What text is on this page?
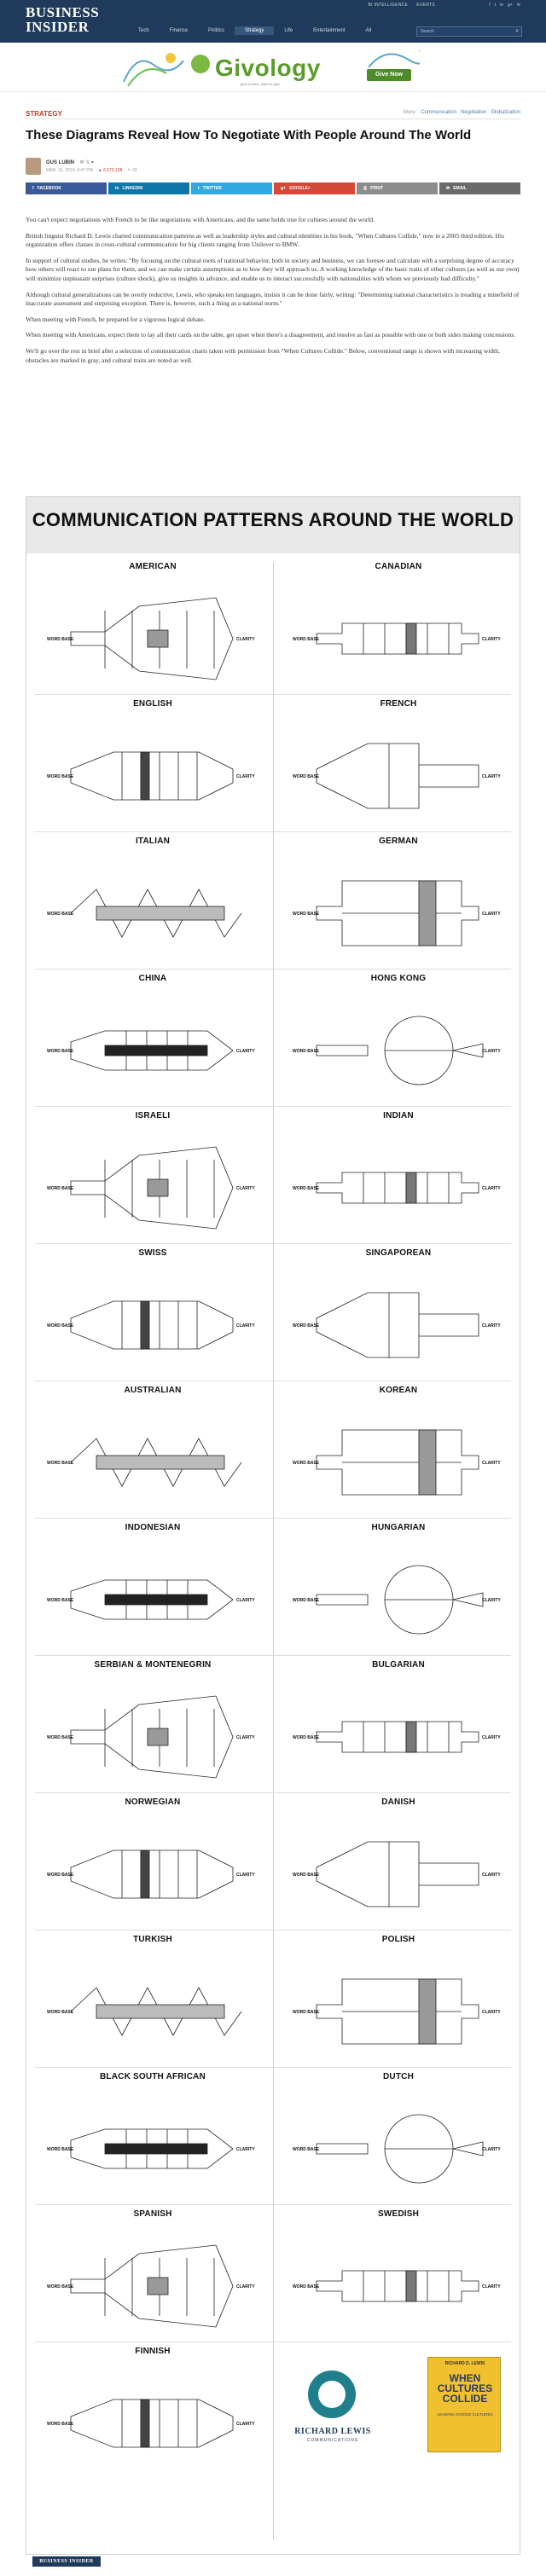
BUSINESS
INSIDER
BI INTELLIGENCE EVENTS	f t in g+ ✉
Tech	Finance	Politics	Strategy	Life	Entertainment	All	Search	⌕
Givology
give to learn, learn to give
Give Now
STRATEGY	More: Communication Negotiation Globalization
These Diagrams Reveal How To Negotiate With People Around The World
GUS LUBIN ✉ 𝕏 ▾
MAR. 15, 2014, 4:47 PM ▲ 6,572,138 ✎ 33
f FACEBOOK	in LINKEDIN	t TWITTER	g+ GOOGLE+	⎙ PRINT	✉ EMAIL

You can't expect negotiations with French to be like negotiations with Americans, and the same holds true for cultures around the world.

British linguist Richard D. Lewis charted communication patterns as well as leadership styles and cultural identities in his book, "When Cultures Collide," now in a 2005 third edition. His organization offers classes in cross-cultural communication for big clients ranging from Unilever to BMW.

In support of cultural studies, he writes: "By focusing on the cultural roots of national behavior, both in society and business, we can foresee and calculate with a surprising degree of accuracy how others will react to our plans for them, and we can make certain assumptions as to how they will approach us. A working knowledge of the basic traits of other cultures (as well as our own) will minimize unpleasant surprises (culture shock), give us insights in advance, and enable us to interact successfully with nationalities with whom we previously had difficulty."

Although cultural generalizations can be overly reductive, Lewis, who speaks ten languages, insists it can be done fairly, writing: "Determining national characteristics is treading a minefield of inaccurate assessment and surprising exception. There is, however, such a thing as a national norm."

When meeting with French, be prepared for a vigorous logical debate.

When meeting with Americans, expect them to lay all their cards on the table, get upset when there's a disagreement, and resolve as fast as possible with one or both sides making concessions.

We'll go over the rest in brief after a selection of communication charts taken with permission from "When Cultures Collide." Below, conventional range is shown with increasing width, obstacles are marked in gray, and cultural traits are noted as well.

COMMUNICATION PATTERNS AROUND THE WORLD
AMERICAN
WORD BASE	CLARITY
CANADIAN
WORD BASE	CLARITY
ENGLISH
WORD BASE	CLARITY
FRENCH
WORD BASE	CLARITY
ITALIAN
WORD BASE
GERMAN
WORD BASE	CLARITY
CHINA
WORD BASE	CLARITY
HONG KONG
WORD BASE	CLARITY
ISRAELI
WORD BASE	CLARITY
INDIAN
WORD BASE	CLARITY
SWISS
WORD BASE	CLARITY
SINGAPOREAN
WORD BASE	CLARITY
AUSTRALIAN
WORD BASE
KOREAN
WORD BASE	CLARITY
INDONESIAN
WORD BASE	CLARITY
HUNGARIAN
WORD BASE	CLARITY
SERBIAN & MONTENEGRIN
WORD BASE	CLARITY
BULGARIAN
WORD BASE	CLARITY
NORWEGIAN
WORD BASE	CLARITY
DANISH
WORD BASE	CLARITY
TURKISH
WORD BASE
POLISH
WORD BASE	CLARITY
BLACK SOUTH AFRICAN
WORD BASE	CLARITY
DUTCH
WORD BASE	CLARITY
SPANISH
WORD BASE	CLARITY
SWEDISH
WORD BASE	CLARITY
FINNISH
WORD BASE	CLARITY
RICHARD LEWIS
COMMUNICATIONS
RICHARD D. LEWIS
WHEN CULTURES COLLIDE
LEADING ACROSS CULTURES
BUSINESS INSIDER
